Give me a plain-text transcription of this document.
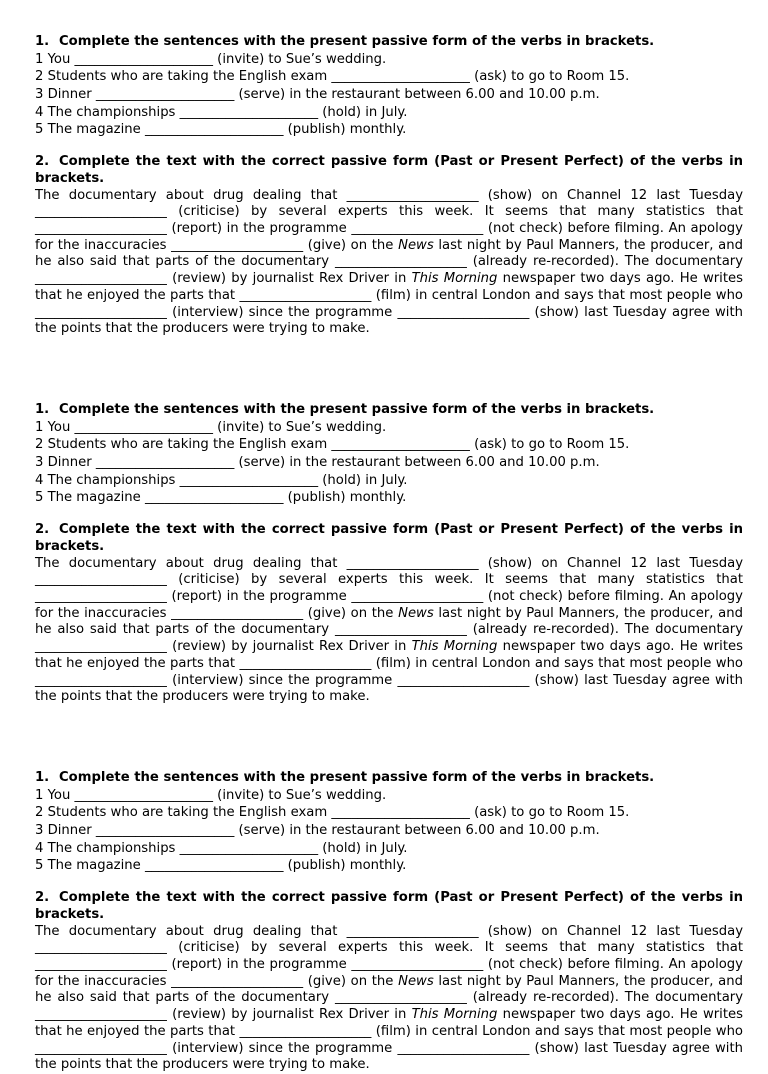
1. Complete the sentences with the present passive form of the verbs in brackets.

1 You _____________________ (invite) to Sue’s wedding.

2 Students who are taking the English exam _____________________ (ask) to go to Room 15.

3 Dinner _____________________ (serve) in the restaurant between 6.00 and 10.00 p.m.

4 The championships _____________________ (hold) in July.

5 The magazine _____________________ (publish) monthly.

2. Complete the text with the correct passive form (Past or Present Perfect) of the verbs in brackets.

The documentary about drug dealing that ____________________ (show) on Channel 12 last Tuesday ____________________ (criticise) by several experts this week. It seems that many statistics that ____________________ (report) in the programme ____________________ (not check) before filming. An apology for the inaccuracies ____________________ (give) on the News last night by Paul Manners, the producer, and he also said that parts of the documentary ____________________ (already re-recorded). The documentary ____________________ (review) by journalist Rex Driver in This Morning newspaper two days ago. He writes that he enjoyed the parts that ____________________ (film) in central London and says that most people who ____________________ (interview) since the programme ____________________ (show) last Tuesday agree with the points that the producers were trying to make.

1. Complete the sentences with the present passive form of the verbs in brackets.

1 You _____________________ (invite) to Sue’s wedding.

2 Students who are taking the English exam _____________________ (ask) to go to Room 15.

3 Dinner _____________________ (serve) in the restaurant between 6.00 and 10.00 p.m.

4 The championships _____________________ (hold) in July.

5 The magazine _____________________ (publish) monthly.

2. Complete the text with the correct passive form (Past or Present Perfect) of the verbs in brackets.

The documentary about drug dealing that ____________________ (show) on Channel 12 last Tuesday ____________________ (criticise) by several experts this week. It seems that many statistics that ____________________ (report) in the programme ____________________ (not check) before filming. An apology for the inaccuracies ____________________ (give) on the News last night by Paul Manners, the producer, and he also said that parts of the documentary ____________________ (already re-recorded). The documentary ____________________ (review) by journalist Rex Driver in This Morning newspaper two days ago. He writes that he enjoyed the parts that ____________________ (film) in central London and says that most people who ____________________ (interview) since the programme ____________________ (show) last Tuesday agree with the points that the producers were trying to make.

1. Complete the sentences with the present passive form of the verbs in brackets.

1 You _____________________ (invite) to Sue’s wedding.

2 Students who are taking the English exam _____________________ (ask) to go to Room 15.

3 Dinner _____________________ (serve) in the restaurant between 6.00 and 10.00 p.m.

4 The championships _____________________ (hold) in July.

5 The magazine _____________________ (publish) monthly.

2. Complete the text with the correct passive form (Past or Present Perfect) of the verbs in brackets.

The documentary about drug dealing that ____________________ (show) on Channel 12 last Tuesday ____________________ (criticise) by several experts this week. It seems that many statistics that ____________________ (report) in the programme ____________________ (not check) before filming. An apology for the inaccuracies ____________________ (give) on the News last night by Paul Manners, the producer, and he also said that parts of the documentary ____________________ (already re-recorded). The documentary ____________________ (review) by journalist Rex Driver in This Morning newspaper two days ago. He writes that he enjoyed the parts that ____________________ (film) in central London and says that most people who ____________________ (interview) since the programme ____________________ (show) last Tuesday agree with the points that the producers were trying to make.
